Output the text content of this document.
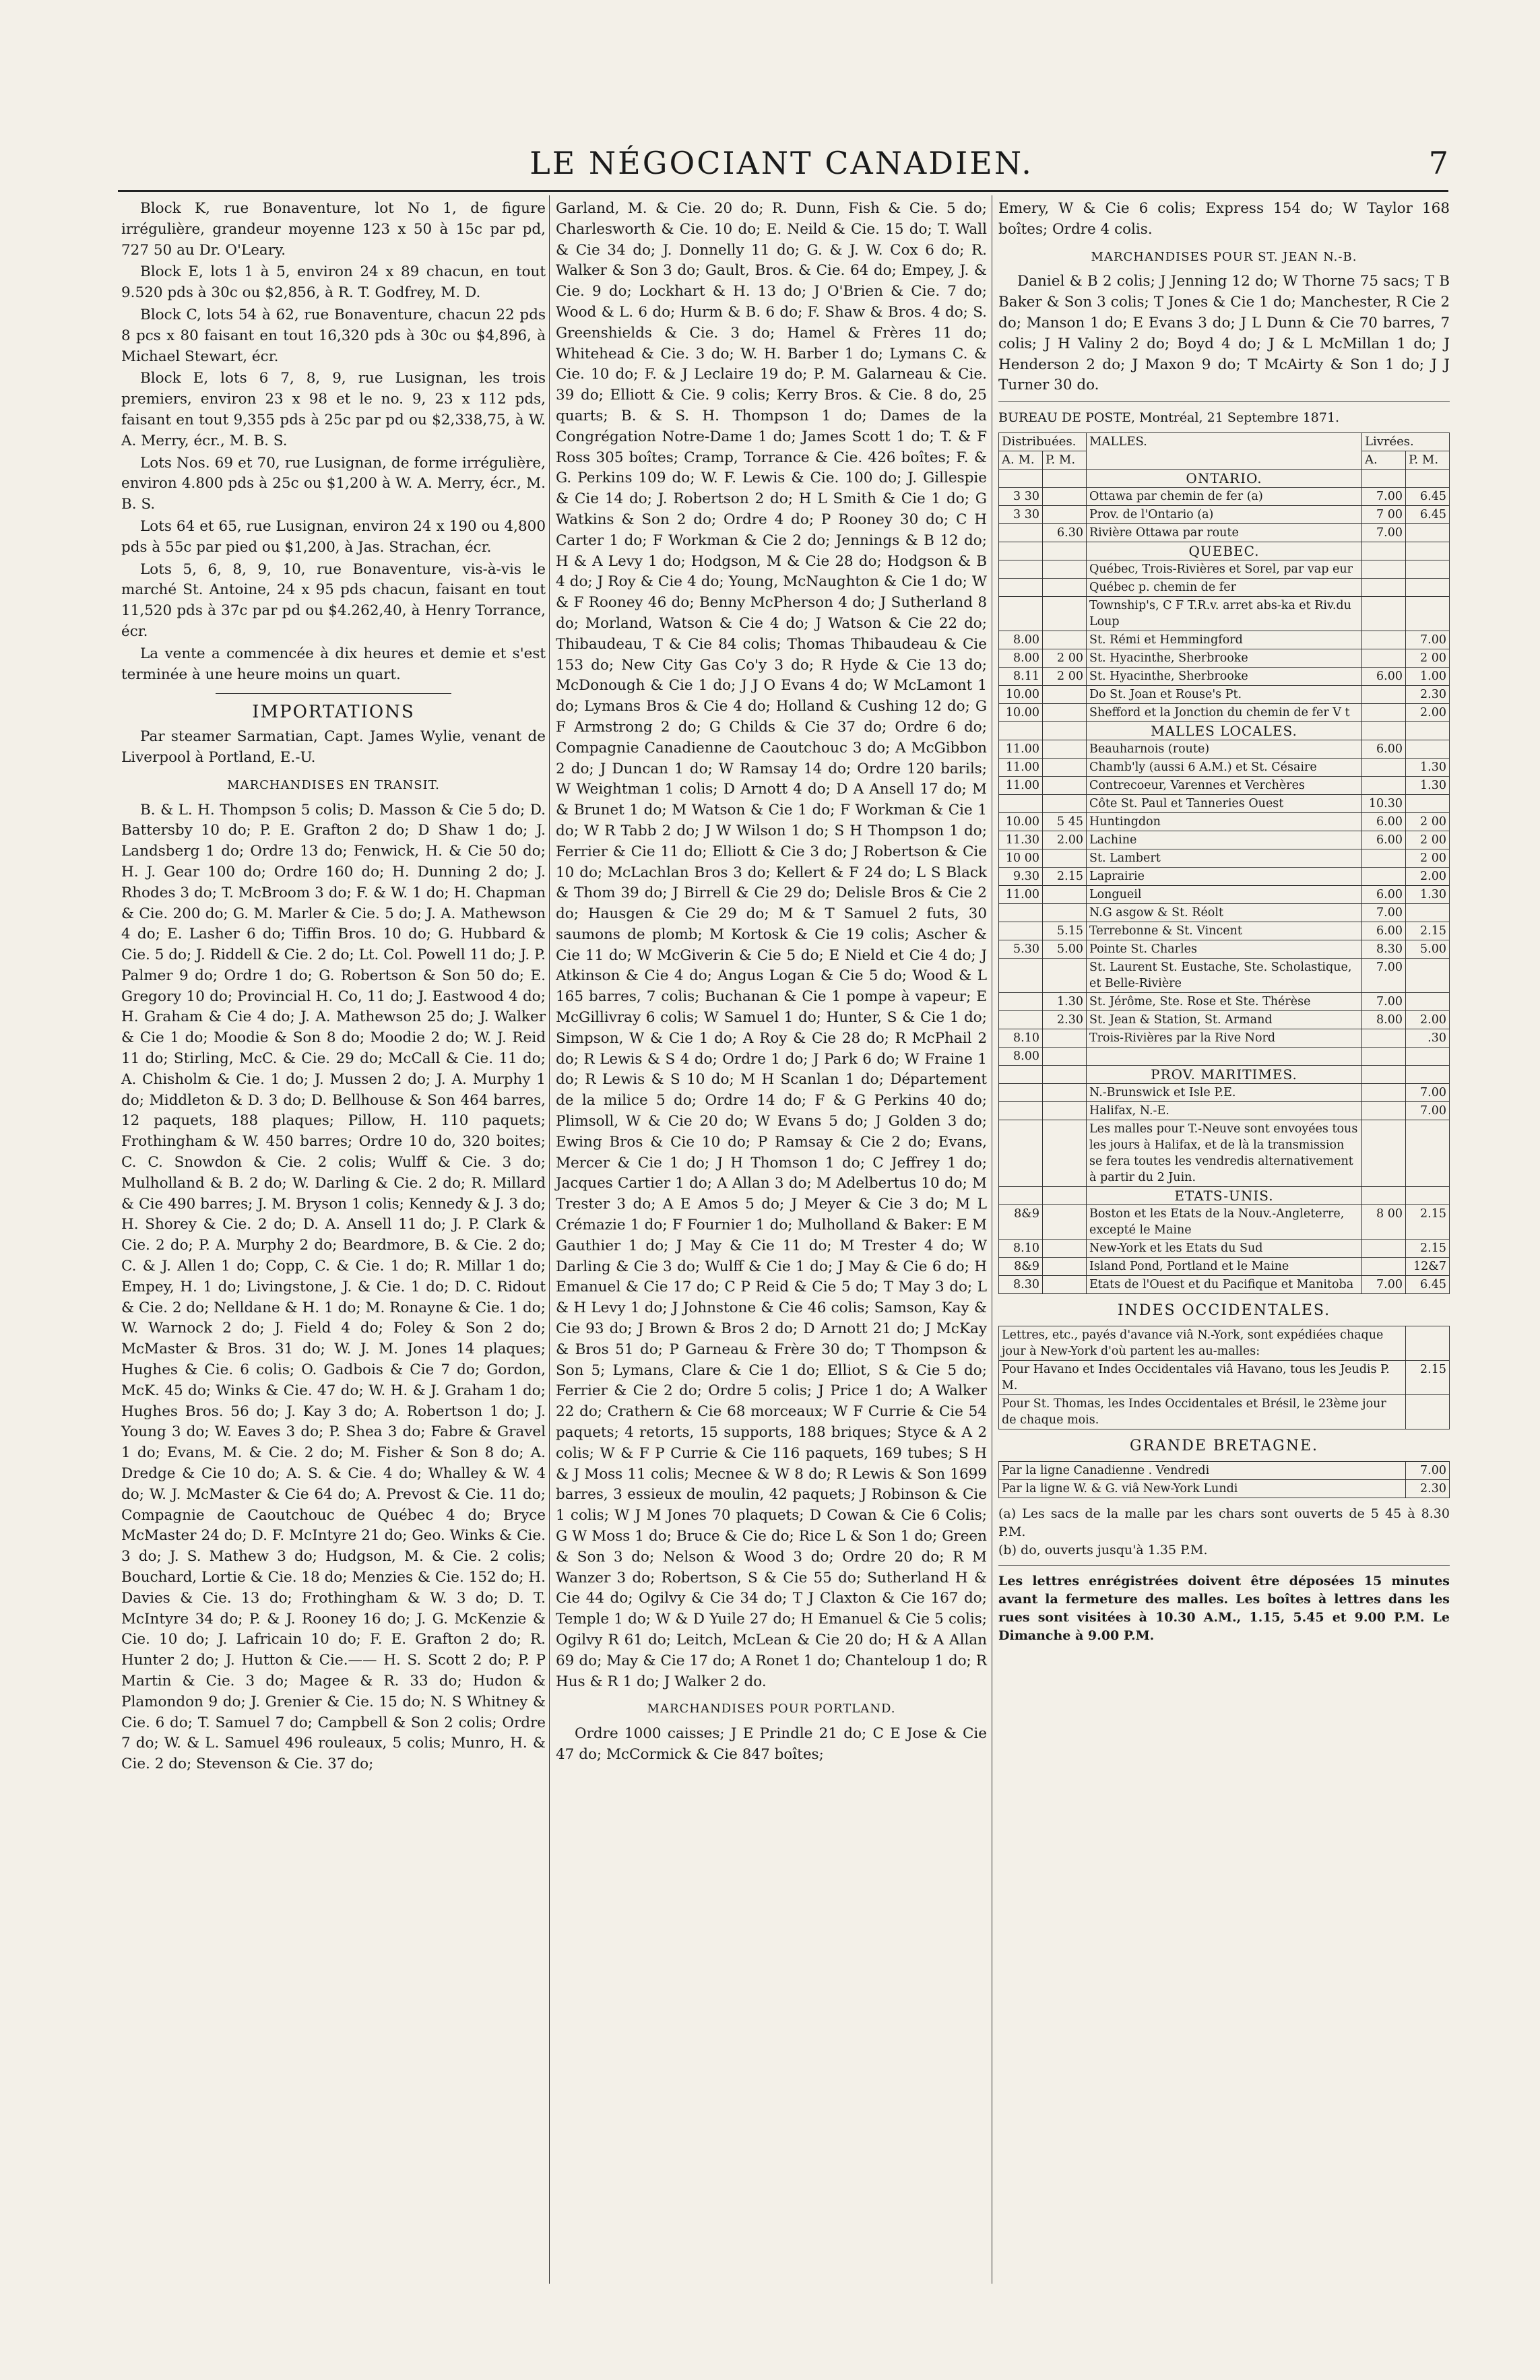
LE NÉGOCIANT CANADIEN.	7

Block K, rue Bonaventure, lot No 1, de figure irrégulière, grandeur moyenne 123 x 50 à 15c par pd, 727 50 au Dr. O'Leary.

Block E, lots 1 à 5, environ 24 x 89 chacun, en tout 9.520 pds à 30c ou $2,856, à R. T. Godfrey, M. D.

Block C, lots 54 à 62, rue Bonaventure, chacun 22 pds 8 pcs x 80 faisant en tout 16,320 pds à 30c ou $4,896, à Michael Stewart, écr.

Block E, lots 6 7, 8, 9, rue Lusignan, les trois premiers, environ 23 x 98 et le no. 9, 23 x 112 pds, faisant en tout 9,355 pds à 25c par pd ou $2,338,75, à W. A. Merry, écr., M. B. S.

Lots Nos. 69 et 70, rue Lusignan, de forme irrégulière, environ 4.800 pds à 25c ou $1,200 à W. A. Merry, écr., M. B. S.

Lots 64 et 65, rue Lusignan, environ 24 x 190 ou 4,800 pds à 55c par pied ou $1,200, à Jas. Strachan, écr.

Lots 5, 6, 8, 9, 10, rue Bonaventure, vis-à-vis le marché St. Antoine, 24 x 95 pds chacun, faisant en tout 11,520 pds à 37c par pd ou $4.262,40, à Henry Torrance, écr.

La vente a commencée à dix heures et demie et s'est terminée à une heure moins un quart.

IMPORTATIONS

Par steamer Sarmatian, Capt. James Wylie, venant de Liverpool à Portland, E.-U.

MARCHANDISES EN TRANSIT.

B. & L. H. Thompson 5 colis; D. Masson & Cie 5 do; D. Battersby 10 do; P. E. Grafton 2 do; D Shaw 1 do; J. Landsberg 1 do; Ordre 13 do; Fenwick, H. & Cie 50 do; H. J. Gear 100 do; Ordre 160 do; H. Dunning 2 do; J. Rhodes 3 do; T. McBroom 3 do; F. & W. 1 do; H. Chapman & Cie. 200 do; G. M. Marler & Cie. 5 do; J. A. Mathewson 4 do; E. Lasher 6 do; Tiffin Bros. 10 do; G. Hubbard & Cie. 5 do; J. Riddell & Cie. 2 do; Lt. Col. Powell 11 do; J. P. Palmer 9 do; Ordre 1 do; G. Robertson & Son 50 do; E. Gregory 10 do; Provincial H. Co, 11 do; J. Eastwood 4 do; H. Graham & Cie 4 do; J. A. Mathewson 25 do; J. Walker & Cie 1 do; Moodie & Son 8 do; Moodie 2 do; W. J. Reid 11 do; Stirling, McC. & Cie. 29 do; McCall & Cie. 11 do; A. Chisholm & Cie. 1 do; J. Mussen 2 do; J. A. Murphy 1 do; Middleton & D. 3 do; D. Bellhouse & Son 464 barres, 12 paquets, 188 plaques; Pillow, H. 110 paquets; Frothingham & W. 450 barres; Ordre 10 do, 320 boites; C. C. Snowdon & Cie. 2 colis; Wulff & Cie. 3 do; Mulholland & B. 2 do; W. Darling & Cie. 2 do; R. Millard & Cie 490 barres; J. M. Bryson 1 colis; Kennedy & J. 3 do; H. Shorey & Cie. 2 do; D. A. Ansell 11 do; J. P. Clark & Cie. 2 do; P. A. Murphy 2 do; Beardmore, B. & Cie. 2 do; C. & J. Allen 1 do; Copp, C. & Cie. 1 do; R. Millar 1 do; Empey, H. 1 do; Livingstone, J. & Cie. 1 do; D. C. Ridout & Cie. 2 do; Nelldane & H. 1 do; M. Ronayne & Cie. 1 do; W. Warnock 2 do; J. Field 4 do; Foley & Son 2 do; McMaster & Bros. 31 do; W. J. M. Jones 14 plaques; Hughes & Cie. 6 colis; O. Gadbois & Cie 7 do; Gordon, McK. 45 do; Winks & Cie. 47 do; W. H. & J. Graham 1 do; Hughes Bros. 56 do; J. Kay 3 do; A. Robertson 1 do; J. Young 3 do; W. Eaves 3 do; P. Shea 3 do; Fabre & Gravel 1 do; Evans, M. & Cie. 2 do; M. Fisher & Son 8 do; A. Dredge & Cie 10 do; A. S. & Cie. 4 do; Whalley & W. 4 do; W. J. McMaster & Cie 64 do; A. Prevost & Cie. 11 do; Compagnie de Caoutchouc de Québec 4 do; Bryce McMaster 24 do; D. F. McIntyre 21 do; Geo. Winks & Cie. 3 do; J. S. Mathew 3 do; Hudgson, M. & Cie. 2 colis; Bouchard, Lortie & Cie. 18 do; Menzies & Cie. 152 do; H. Davies & Cie. 13 do; Frothingham & W. 3 do; D. T. McIntyre 34 do; P. & J. Rooney 16 do; J. G. McKenzie & Cie. 10 do; J. Lafricain 10 do; F. E. Grafton 2 do; R. Hunter 2 do; J. Hutton & Cie.—— H. S. Scott 2 do; P. P Martin & Cie. 3 do; Magee & R. 33 do; Hudon & Plamondon 9 do; J. Grenier & Cie. 15 do; N. S Whitney & Cie. 6 do; T. Samuel 7 do; Campbell & Son 2 colis; Ordre 7 do; W. & L. Samuel 496 rouleaux, 5 colis; Munro, H. & Cie. 2 do; Stevenson & Cie. 37 do;

Garland, M. & Cie. 20 do; R. Dunn, Fish & Cie. 5 do; Charlesworth & Cie. 10 do; E. Neild & Cie. 15 do; T. Wall & Cie 34 do; J. Donnelly 11 do; G. & J. W. Cox 6 do; R. Walker & Son 3 do; Gault, Bros. & Cie. 64 do; Empey, J. & Cie. 9 do; Lockhart & H. 13 do; J O'Brien & Cie. 7 do; Wood & L. 6 do; Hurm & B. 6 do; F. Shaw & Bros. 4 do; S. Greenshields & Cie. 3 do; Hamel & Frères 11 do; Whitehead & Cie. 3 do; W. H. Barber 1 do; Lymans C. & Cie. 10 do; F. & J Leclaire 19 do; P. M. Galarneau & Cie. 39 do; Elliott & Cie. 9 colis; Kerry Bros. & Cie. 8 do, 25 quarts; B. & S. H. Thompson 1 do; Dames de la Congrégation Notre-Dame 1 do; James Scott 1 do; T. & F Ross 305 boîtes; Cramp, Torrance & Cie. 426 boîtes; F. & G. Perkins 109 do; W. F. Lewis & Cie. 100 do; J. Gillespie & Cie 14 do; J. Robertson 2 do; H L Smith & Cie 1 do; G Watkins & Son 2 do; Ordre 4 do; P Rooney 30 do; C H Carter 1 do; F Workman & Cie 2 do; Jennings & B 12 do; H & A Levy 1 do; Hodgson, M & Cie 28 do; Hodgson & B 4 do; J Roy & Cie 4 do; Young, McNaughton & Cie 1 do; W & F Rooney 46 do; Benny McPherson 4 do; J Sutherland 8 do; Morland, Watson & Cie 4 do; J Watson & Cie 22 do; Thibaudeau, T & Cie 84 colis; Thomas Thibaudeau & Cie 153 do; New City Gas Co'y 3 do; R Hyde & Cie 13 do; McDonough & Cie 1 do; J J O Evans 4 do; W McLamont 1 do; Lymans Bros & Cie 4 do; Holland & Cushing 12 do; G F Armstrong 2 do; G Childs & Cie 37 do; Ordre 6 do; Compagnie Canadienne de Caoutchouc 3 do; A McGibbon 2 do; J Duncan 1 do; W Ramsay 14 do; Ordre 120 barils; W Weightman 1 colis; D Arnott 4 do; D A Ansell 17 do; M & Brunet 1 do; M Watson & Cie 1 do; F Workman & Cie 1 do; W R Tabb 2 do; J W Wilson 1 do; S H Thompson 1 do; Ferrier & Cie 11 do; Elliott & Cie 3 do; J Robertson & Cie 10 do; McLachlan Bros 3 do; Kellert & F 24 do; L S Black & Thom 39 do; J Birrell & Cie 29 do; Delisle Bros & Cie 2 do; Hausgen & Cie 29 do; M & T Samuel 2 futs, 30 saumons de plomb; M Kortosk & Cie 19 colis; Ascher & Cie 11 do; W McGiverin & Cie 5 do; E Nield et Cie 4 do; J Atkinson & Cie 4 do; Angus Logan & Cie 5 do; Wood & L 165 barres, 7 colis; Buchanan & Cie 1 pompe à vapeur; E McGillivray 6 colis; W Samuel 1 do; Hunter, S & Cie 1 do; Simpson, W & Cie 1 do; A Roy & Cie 28 do; R McPhail 2 do; R Lewis & S 4 do; Ordre 1 do; J Park 6 do; W Fraine 1 do; R Lewis & S 10 do; M H Scanlan 1 do; Département de la milice 5 do; Ordre 14 do; F & G Perkins 40 do; Plimsoll, W & Cie 20 do; W Evans 5 do; J Golden 3 do; Ewing Bros & Cie 10 do; P Ramsay & Cie 2 do; Evans, Mercer & Cie 1 do; J H Thomson 1 do; C Jeffrey 1 do; Jacques Cartier 1 do; A Allan 3 do; M Adelbertus 10 do; M Trester 3 do; A E Amos 5 do; J Meyer & Cie 3 do; M L Crémazie 1 do; F Fournier 1 do; Mulholland & Baker: E M Gauthier 1 do; J May & Cie 11 do; M Trester 4 do; W Darling & Cie 3 do; Wulff & Cie 1 do; J May & Cie 6 do; H Emanuel & Cie 17 do; C P Reid & Cie 5 do; T May 3 do; L & H Levy 1 do; J Johnstone & Cie 46 colis; Samson, Kay & Cie 93 do; J Brown & Bros 2 do; D Arnott 21 do; J McKay & Bros 51 do; P Garneau & Frère 30 do; T Thompson & Son 5; Lymans, Clare & Cie 1 do; Elliot, S & Cie 5 do; Ferrier & Cie 2 do; Ordre 5 colis; J Price 1 do; A Walker 22 do; Crathern & Cie 68 morceaux; W F Currie & Cie 54 paquets; 4 retorts, 15 supports, 188 briques; Styce & A 2 colis; W & F P Currie & Cie 116 paquets, 169 tubes; S H & J Moss 11 colis; Mecnee & W 8 do; R Lewis & Son 1699 barres, 3 essieux de moulin, 42 paquets; J Robinson & Cie 1 colis; W J M Jones 70 plaquets; D Cowan & Cie 6 Colis; G W Moss 1 do; Bruce & Cie do; Rice L & Son 1 do; Green & Son 3 do; Nelson & Wood 3 do; Ordre 20 do; R M Wanzer 3 do; Robertson, S & Cie 55 do; Sutherland H & Cie 44 do; Ogilvy & Cie 34 do; T J Claxton & Cie 167 do; Temple 1 do; W & D Yuile 27 do; H Emanuel & Cie 5 colis; Ogilvy R 61 do; Leitch, McLean & Cie 20 do; H & A Allan 69 do; May & Cie 17 do; A Ronet 1 do; Chanteloup 1 do; R Hus & R 1 do; J Walker 2 do.

MARCHANDISES POUR PORTLAND.

Ordre 1000 caisses; J E Prindle 21 do; C E Jose & Cie 47 do; McCormick & Cie 847 boîtes;

Emery, W & Cie 6 colis; Express 154 do; W Taylor 168 boîtes; Ordre 4 colis.

MARCHANDISES POUR ST. JEAN N.-B.

Daniel & B 2 colis; J Jenning 12 do; W Thorne 75 sacs; T B Baker & Son 3 colis; T Jones & Cie 1 do; Manchester, R Cie 2 do; Manson 1 do; E Evans 3 do; J L Dunn & Cie 70 barres, 7 colis; J H Valiny 2 do; Boyd 4 do; J & L McMillan 1 do; J Henderson 2 do; J Maxon 9 do; T McAirty & Son 1 do; J J Turner 30 do.

BUREAU DE POSTE, Montréal, 21 Septembre 1871.
Distribuées.		MALLES.	Livrées.	
A. M.	P. M.		A.	P. M.
		ONTARIO.		
3 30		Ottawa par chemin de fer (a)	7.00	6.45
3 30		Prov. de l'Ontario (a)	7 00	6.45
	6.30	Rivière Ottawa par route	7.00	
		QUEBEC.		
		Québec, Trois-Rivières et Sorel, par vap eur		
		Québec p. chemin de fer		
		Township's, C F T.R.v. arret abs-ka et Riv.du Loup		
8.00		St. Rémi et Hemmingford		7.00
8.00	2 00	St. Hyacinthe, Sherbrooke		2 00
8.11	2 00	St. Hyacinthe, Sherbrooke	6.00	1.00
10.00		Do St. Joan et Rouse's Pt.		2.30
10.00		Shefford et la Jonction du chemin de fer V t		2.00
		MALLES LOCALES.		
11.00		Beauharnois (route)	6.00	
11.00		Chamb'ly (aussi 6 A.M.) et St. Césaire		1.30
11.00		Contrecoeur, Varennes et Verchères		1.30
		Côte St. Paul et Tanneries Ouest	10.30	
10.00	5 45	Huntingdon	6.00	2 00
11.30	2.00	Lachine	6.00	2 00
10 00		St. Lambert		2 00
9.30	2.15	Laprairie		2.00
11.00		Longueil	6.00	1.30
		N.G asgow & St. Réolt	7.00	
	5.15	Terrebonne & St. Vincent	6.00	2.15
5.30	5.00	Pointe St. Charles	8.30	5.00
		St. Laurent St. Eustache, Ste. Scholastique, et Belle-Rivière	7.00	
	1.30	St. Jérôme, Ste. Rose et Ste. Thérèse	7.00	
	2.30	St. Jean & Station, St. Armand	8.00	2.00
8.10		Trois-Rivières par la Rive Nord		.30
8.00				
		PROV. MARITIMES.		
		N.-Brunswick et Isle P.E.		7.00
		Halifax, N.-E.		7.00
		Les malles pour T.-Neuve sont envoyées tous les jours à Halifax, et de là la transmission se fera toutes les vendredis alternativement à partir du 2 Juin.		
		ETATS-UNIS.		
8&9		Boston et les Etats de la Nouv.-Angleterre, excepté le Maine	8 00	2.15
8.10		New-York et les Etats du Sud		2.15
8&9		Island Pond, Portland et le Maine		12&7
8.30		Etats de l'Ouest et du Pacifique et Manitoba	7.00	6.45
INDES OCCIDENTALES.
Lettres, etc., payés d'avance viâ N.-York, sont expédiées chaque jour à New-York d'où partent les au-malles:	
Pour Havano et Indes Occidentales viâ Havano, tous les Jeudis P. M.	2.15
Pour St. Thomas, les Indes Occidentales et Brésil, le 23ème jour de chaque mois.	
GRANDE BRETAGNE.
Par la ligne Canadienne . Vendredi	7.00
Par la ligne W. & G. viâ New-York Lundi	2.30
(a) Les sacs de la malle par les chars sont ouverts de 5 45 à 8.30 P.M.
(b) do, ouverts jusqu'à 1.35 P.M.
Les lettres enrégistrées doivent être déposées 15 minutes avant la fermeture des malles. Les boîtes à lettres dans les rues sont visitées à 10.30 A.M., 1.15, 5.45 et 9.00 P.M. Le Dimanche à 9.00 P.M.
